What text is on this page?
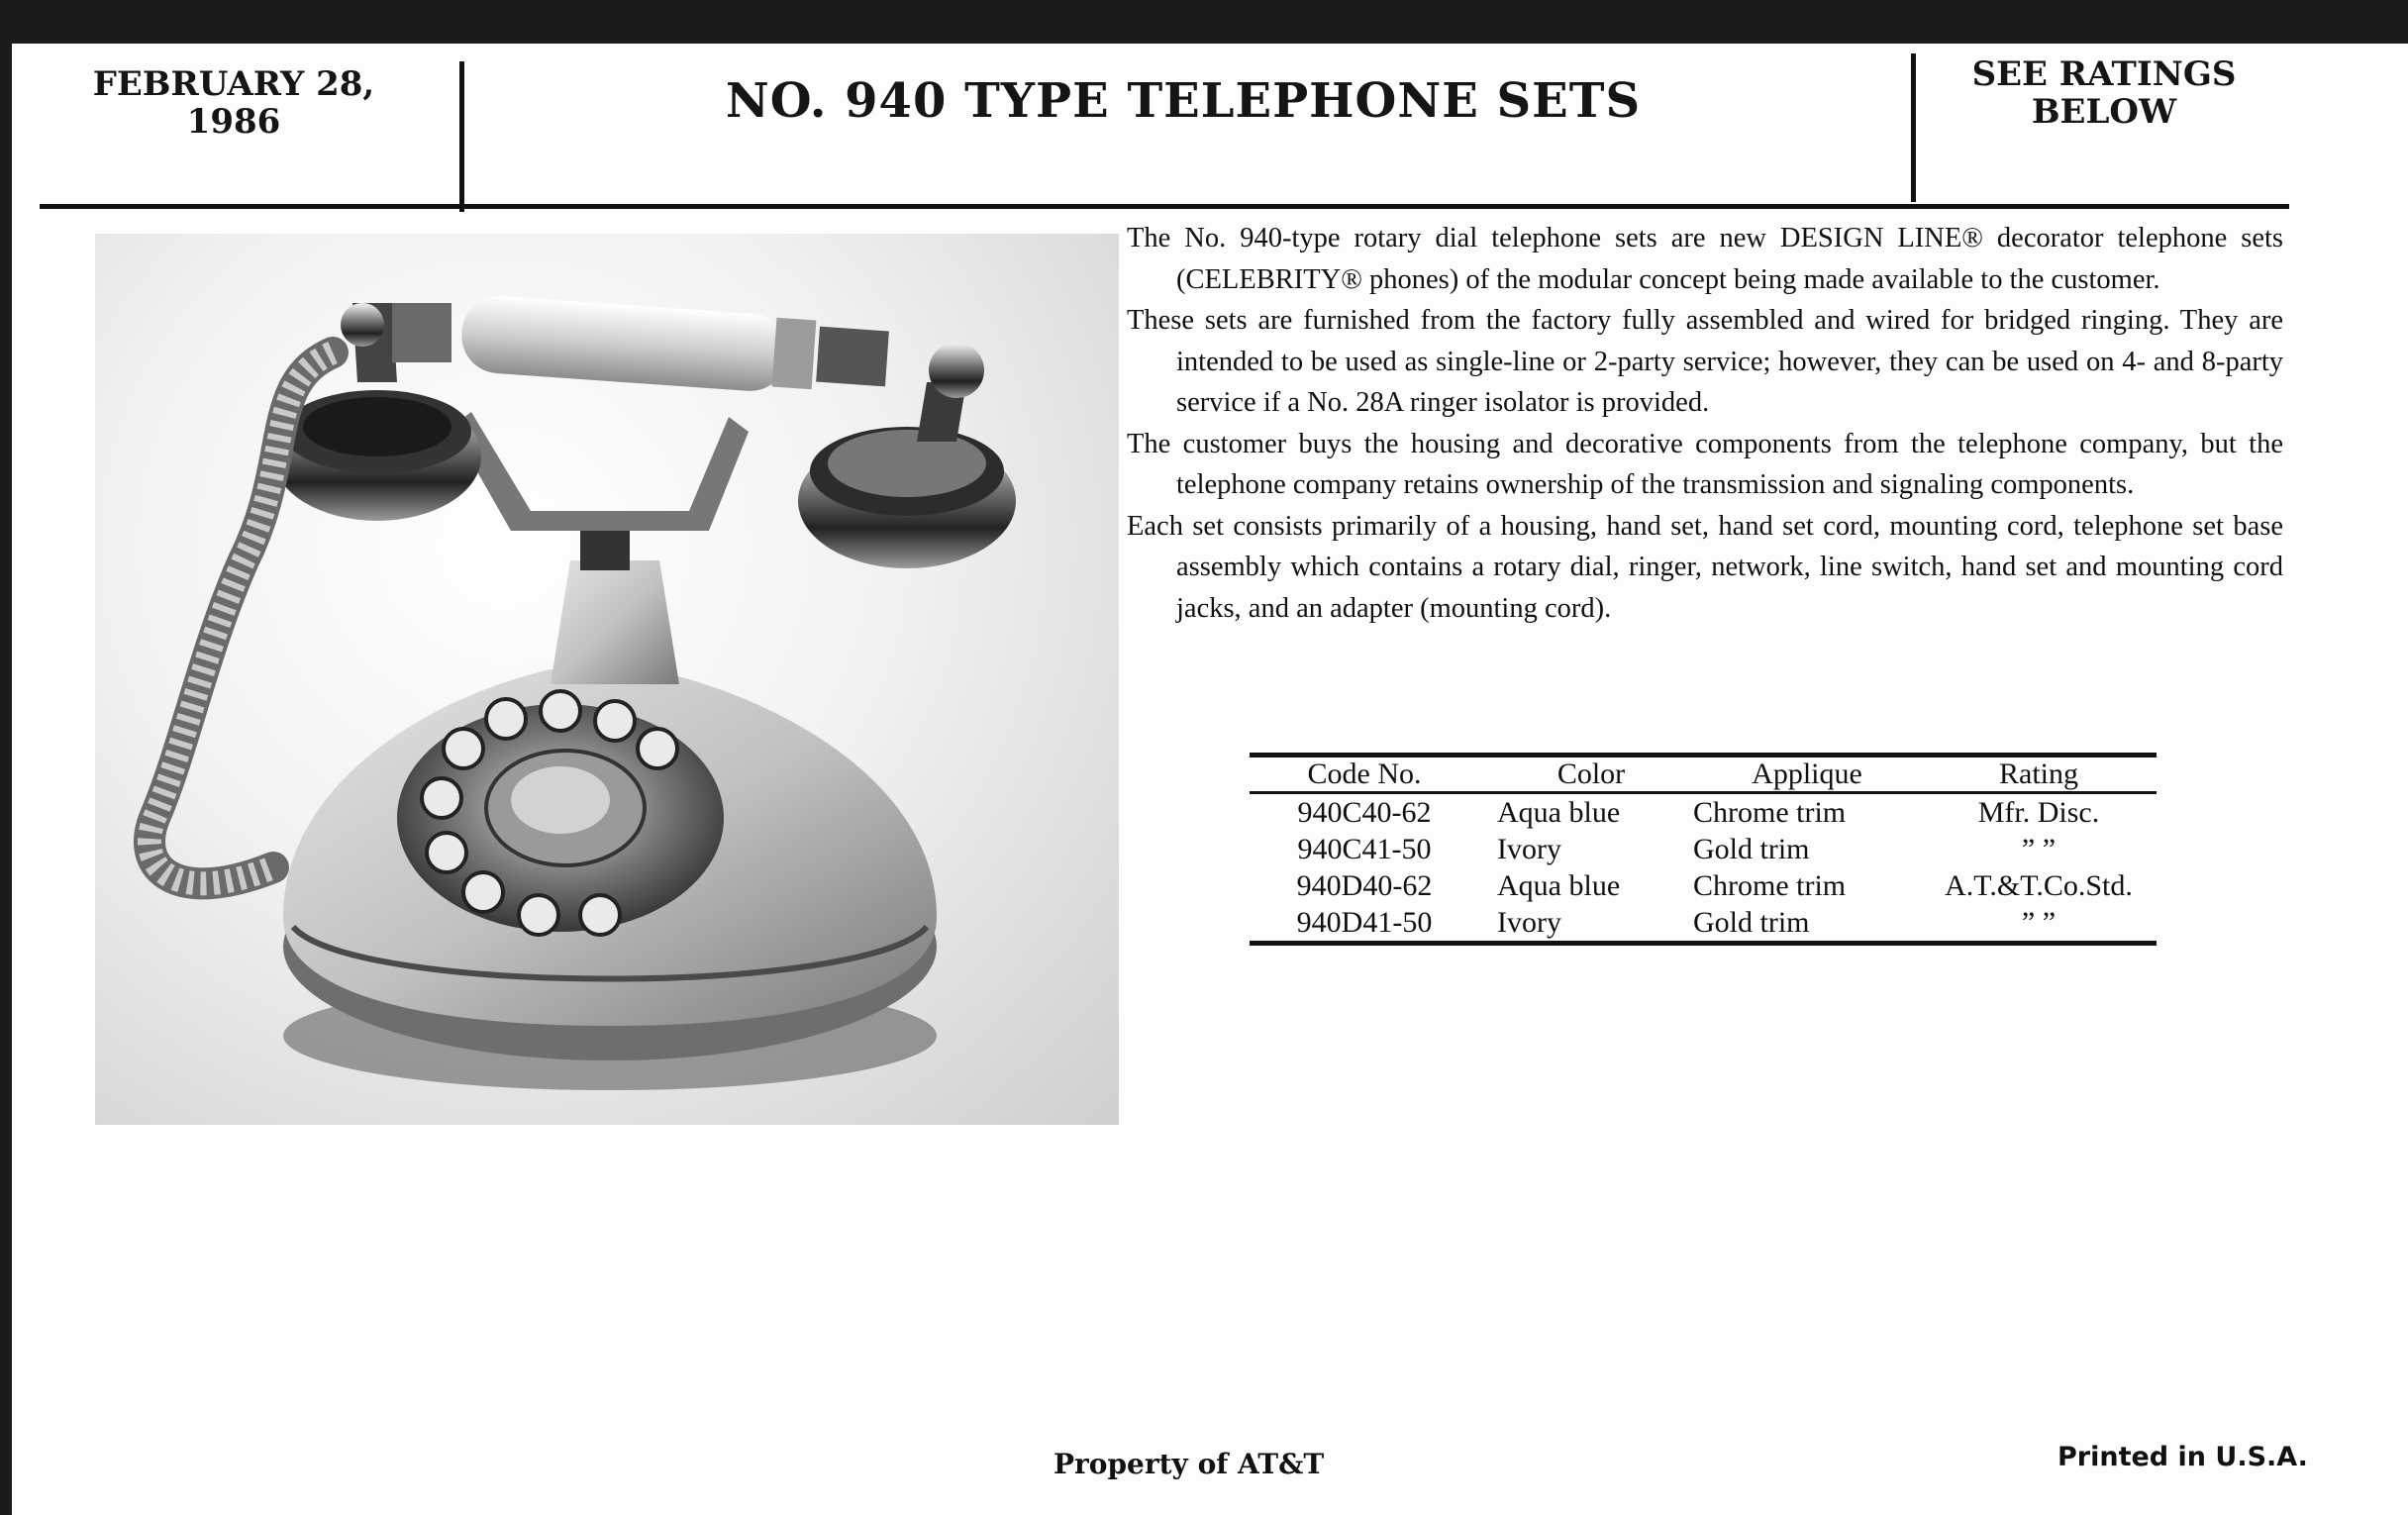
FEBRUARY 28,
1986	NO. 940 TYPE TELEPHONE SETS	SEE RATINGS
BELOW

The No. 940-type rotary dial telephone sets are new DESIGN LINE® decorator telephone sets (CELEBRITY® phones) of the modular concept being made available to the customer.

These sets are furnished from the factory fully assembled and wired for bridged ringing. They are intended to be used as single-line or 2-party service; however, they can be used on 4- and 8-party service if a No. 28A ringer isolator is provided.

The customer buys the housing and decorative components from the telephone company, but the telephone company retains ownership of the transmission and signaling components.

Each set consists primarily of a housing, hand set, hand set cord, mounting cord, telephone set base assembly which contains a rotary dial, ringer, network, line switch, hand set and mounting cord jacks, and an adapter (mounting cord).

Code No.	Color	Applique	Rating
940C40-62	Aqua blue	Chrome trim	Mfr. Disc.
940C41-50	Ivory	Gold trim	” ”
940D40-62	Aqua blue	Chrome trim	A.T.&T.Co.Std.
940D41-50	Ivory	Gold trim	” ”
Property of AT&T	Printed in U.S.A.
